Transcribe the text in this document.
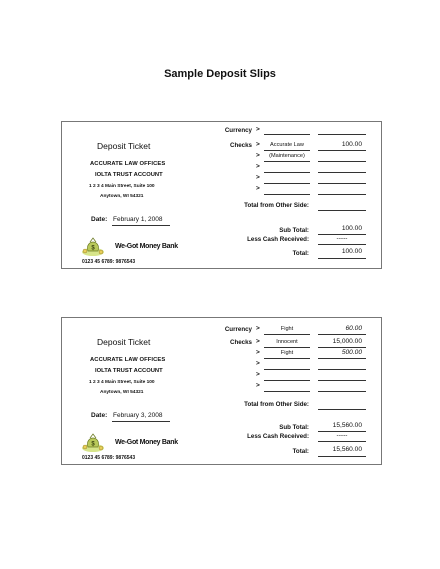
Sample Deposit Slips
Deposit Ticket
ACCURATE LAW OFFICES
IOLTA TRUST ACCOUNT
1 2 3 4 Main Street, Suite 100
Anytown, WI 54321
Date: February 1, 2008
$	We-Got Money Bank
0123 45 6789: 9876543
Currency >
Checks >	Accurate Law	100.00
>	(Maintenance)
>
>
>
Total from Other Side:
Sub Total:	100.00
Less Cash Received:	-----
Total:	100.00
Deposit Ticket
ACCURATE LAW OFFICES
IOLTA TRUST ACCOUNT
1 2 3 4 Main Street, Suite 100
Anytown, WI 54321
Date: February 3, 2008
$	We-Got Money Bank
0123 45 6789: 9876543
Currency >	Fight	60.00
Checks >	Innocent	15,000.00
>	Fight	500.00
>
>
>
Total from Other Side:
Sub Total:	15,560.00
Less Cash Received:	-----
Total:	15,560.00
